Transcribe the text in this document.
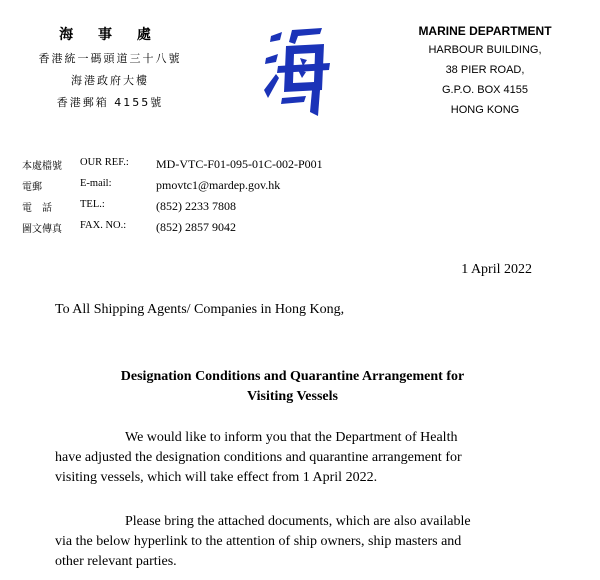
海 事 處
香港統一碼頭道三十八號
海港政府大樓
香港郵箱 4155號
MARINE DEPARTMENT
HARBOUR BUILDING,
38 PIER ROAD,
G.P.O. BOX 4155
HONG KONG
本處檔號 OUR REF.: MD-VTC-F01-095-01C-002-P001
電郵	E-mail:	pmovtc1@mardep.gov.hk
電　話	TEL.:	(852) 2233 7808
圖文傳真 FAX. NO.: (852) 2857 9042
1 April 2022
To All Shipping Agents/ Companies in Hong Kong,
Designation Conditions and Quarantine Arrangement for
Visiting Vessels
We would like to inform you that the Department of Health
have adjusted the designation conditions and quarantine arrangement for
visiting vessels, which will take effect from 1 April 2022.
Please bring the attached documents, which are also available
via the below hyperlink to the attention of ship owners, ship masters and
other relevant parties.
